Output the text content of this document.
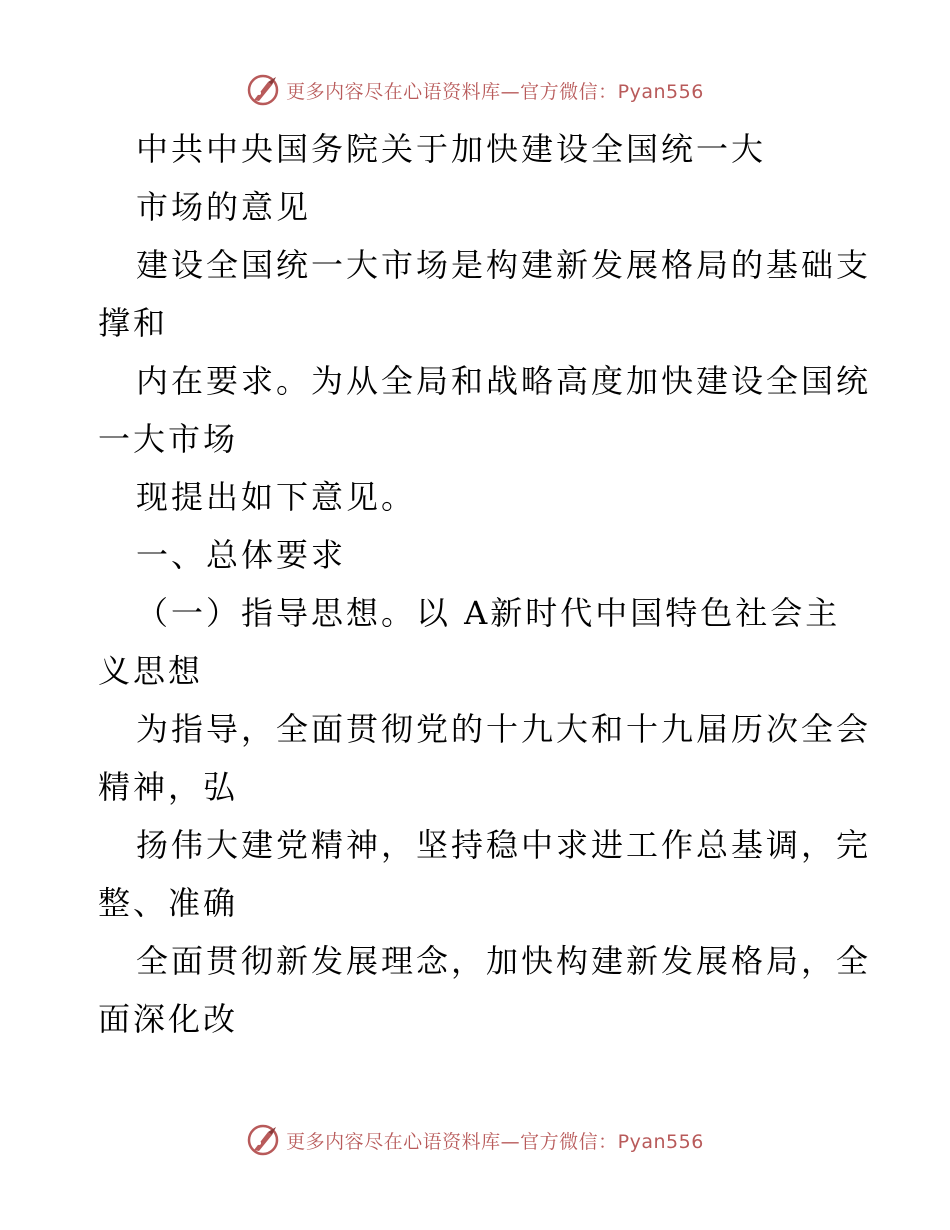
更多内容尽在心语资料库—官方微信：Pyan556
中共中央国务院关于加快建设全国统一大
市场的意见
建设全国统一大市场是构建新发展格局的基础支
撑和
内在要求。为从全局和战略高度加快建设全国统
一大市场
现提出如下意见。
一、总体要求
（一）指导思想。以 A新时代中国特色社会主
义思想
为指导，全面贯彻党的十九大和十九届历次全会
精神，弘
扬伟大建党精神，坚持稳中求进工作总基调，完
整、准确
全面贯彻新发展理念，加快构建新发展格局，全
面深化改
更多内容尽在心语资料库—官方微信：Pyan556
